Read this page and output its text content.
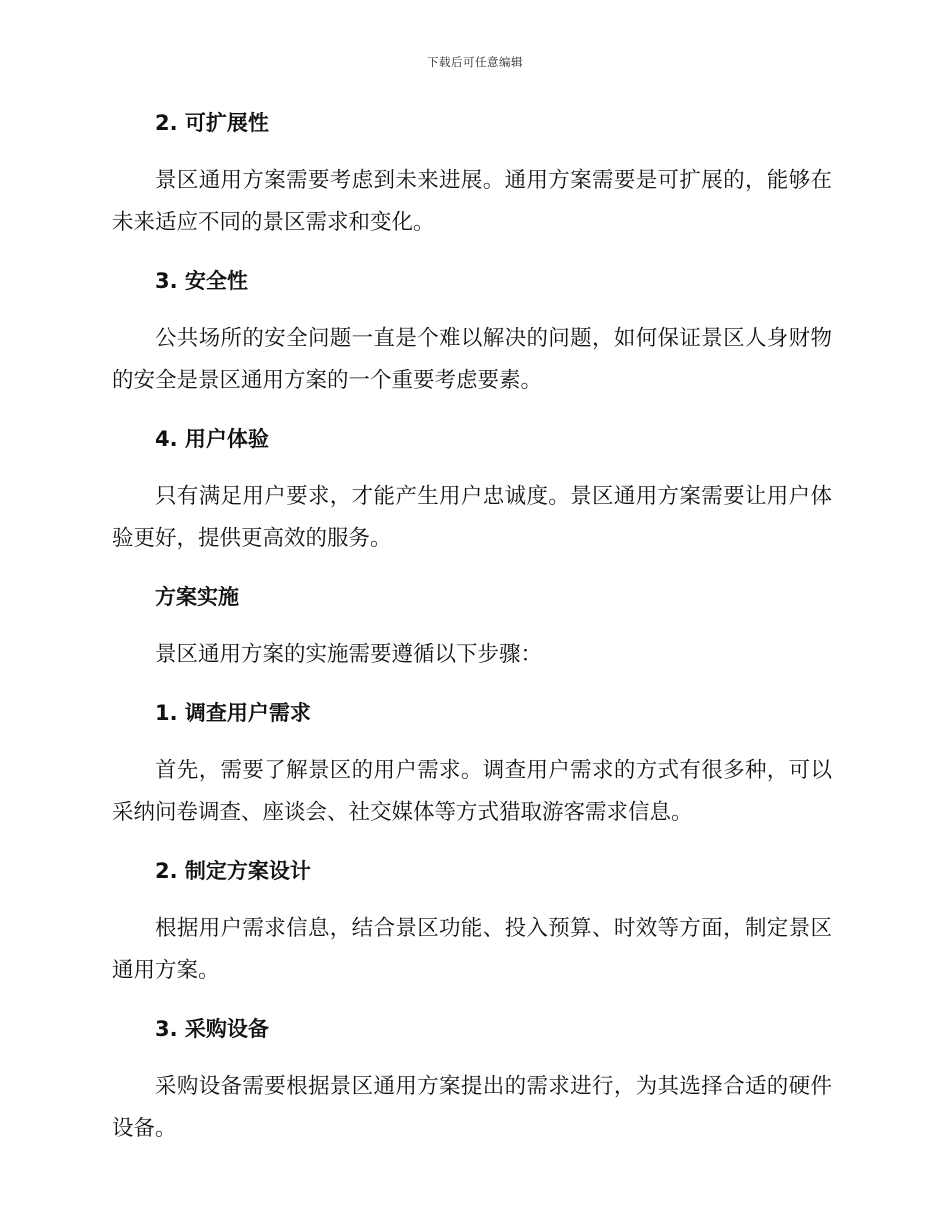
下载后可任意编辑

2. 可扩展性

景区通用方案需要考虑到未来进展。通用方案需要是可扩展的，能够在未来适应不同的景区需求和变化。

3. 安全性

公共场所的安全问题一直是个难以解决的问题，如何保证景区人身财物的安全是景区通用方案的一个重要考虑要素。

4. 用户体验

只有满足用户要求，才能产生用户忠诚度。景区通用方案需要让用户体验更好，提供更高效的服务。

方案实施

景区通用方案的实施需要遵循以下步骤：

1. 调查用户需求

首先，需要了解景区的用户需求。调查用户需求的方式有很多种，可以采纳问卷调查、座谈会、社交媒体等方式猎取游客需求信息。

2. 制定方案设计

根据用户需求信息，结合景区功能、投入预算、时效等方面，制定景区通用方案。

3. 采购设备

采购设备需要根据景区通用方案提出的需求进行，为其选择合适的硬件设备。
